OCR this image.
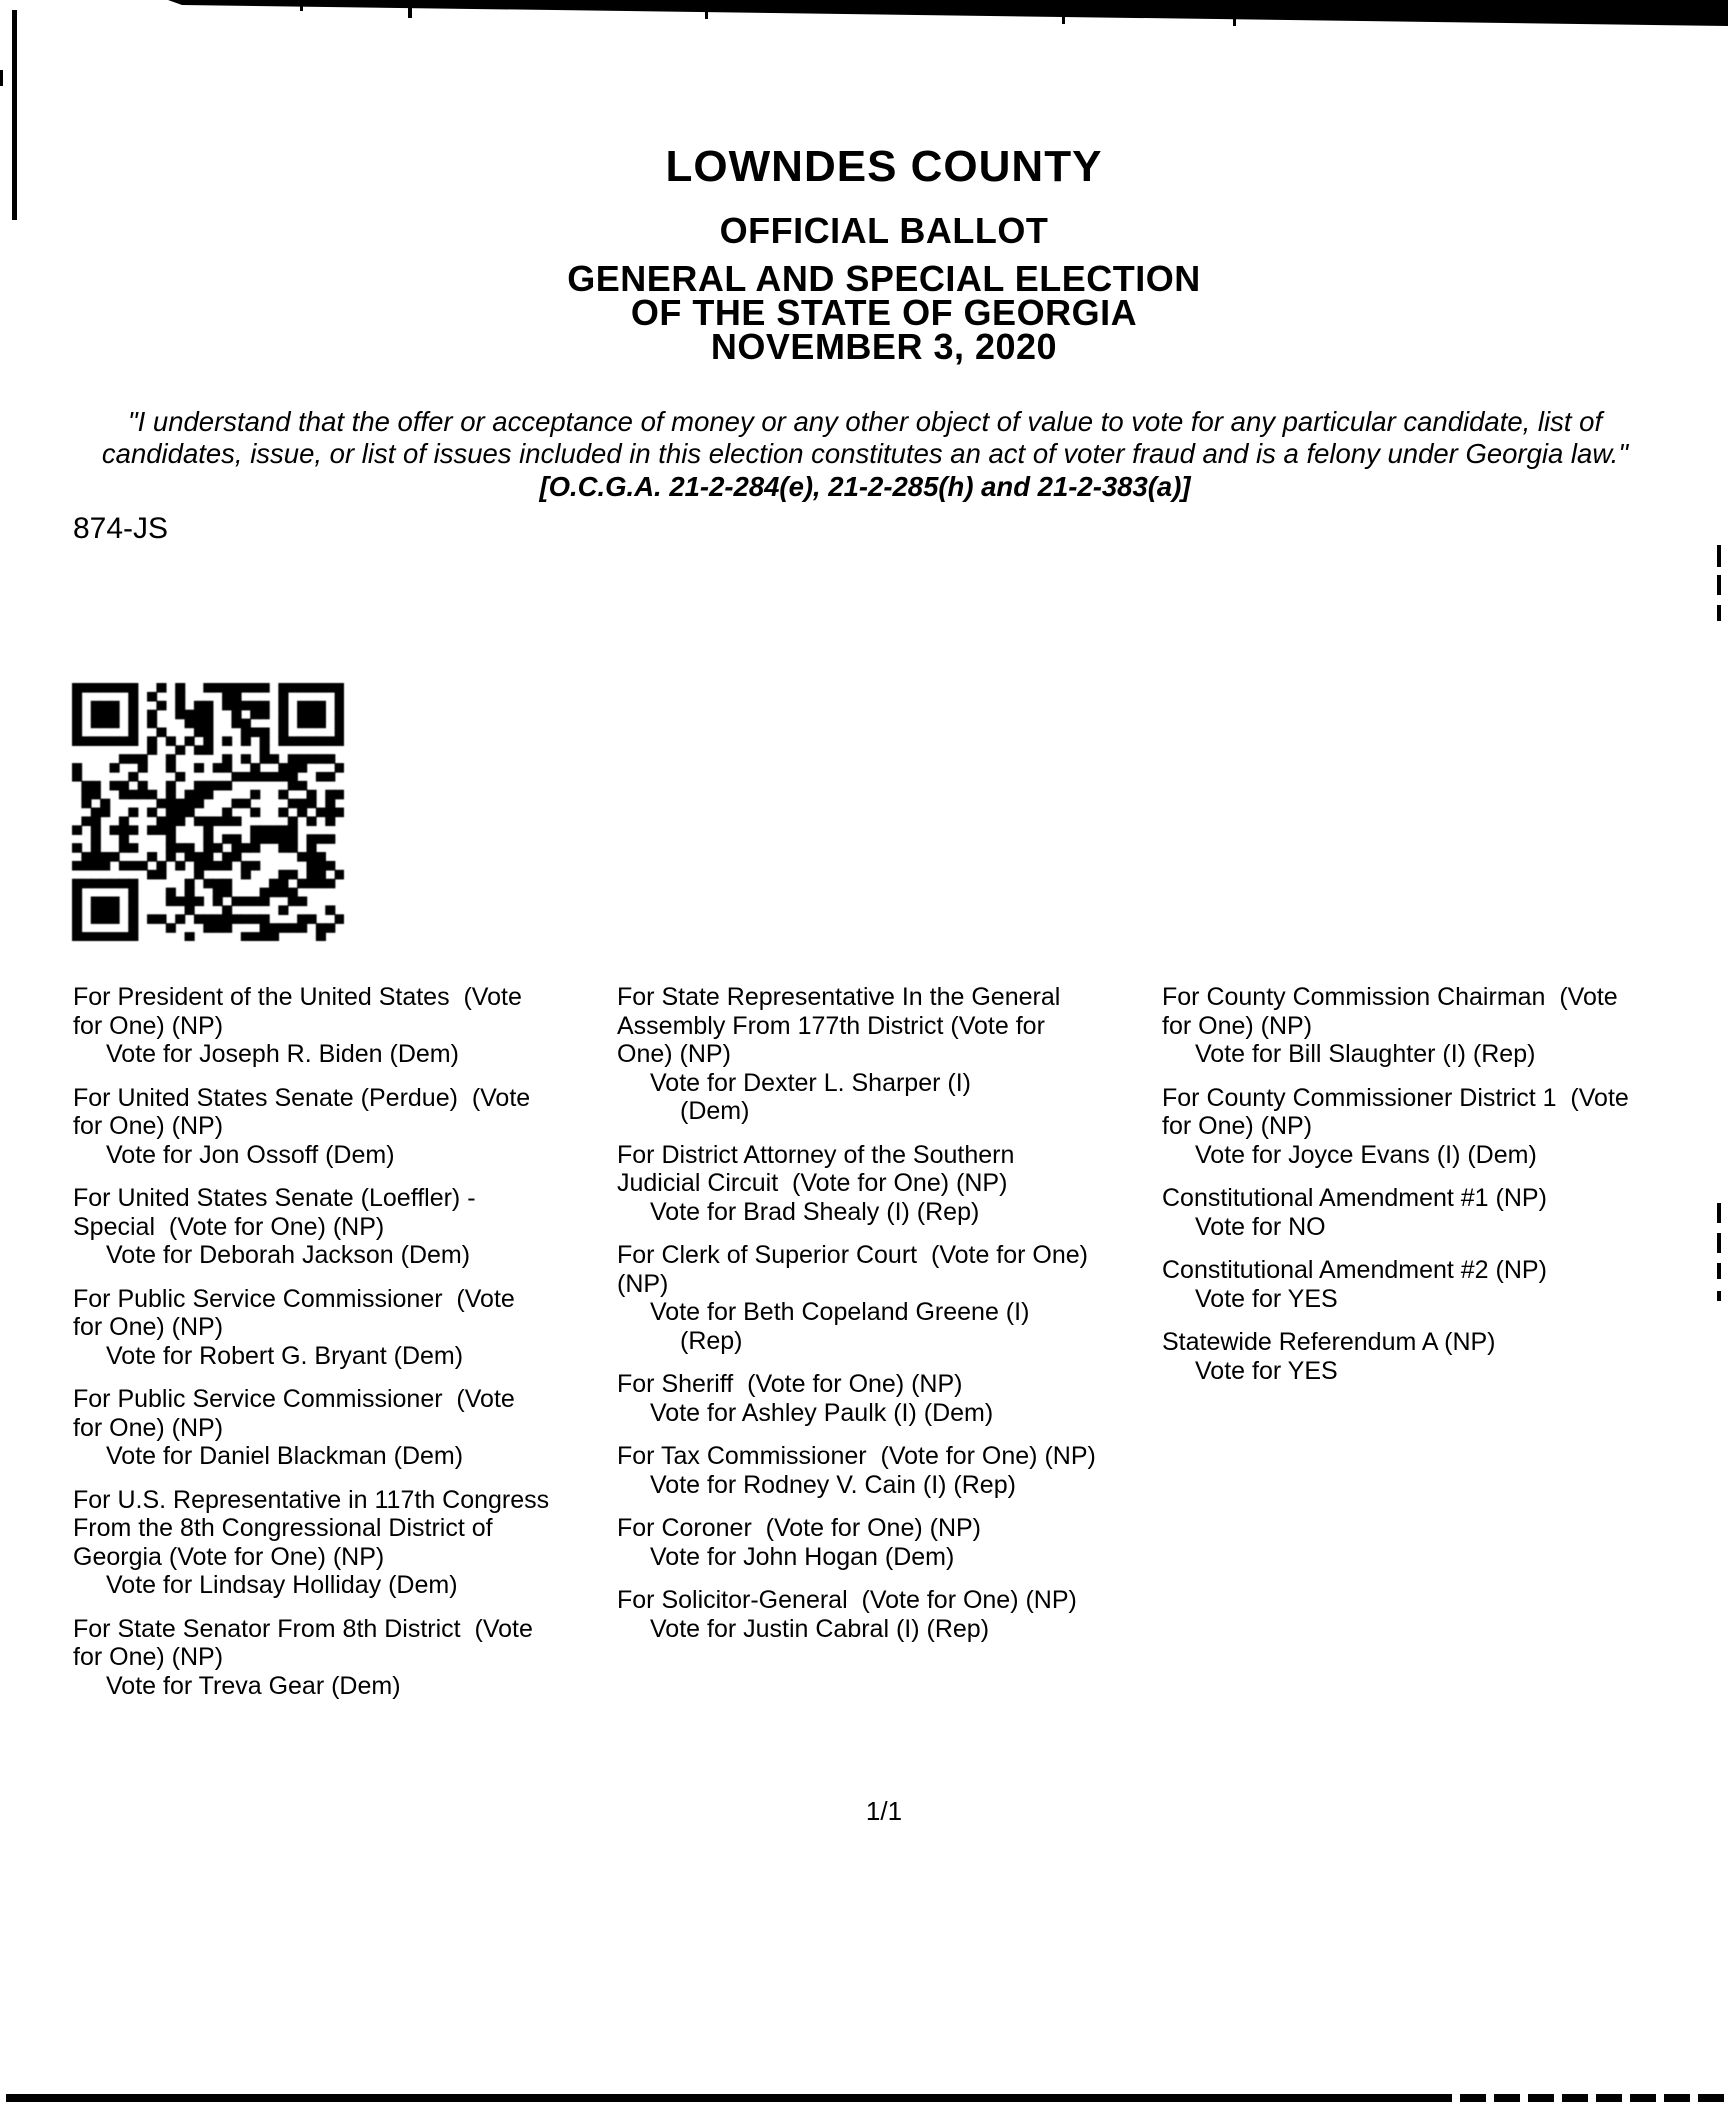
LOWNDES COUNTY
OFFICIAL BALLOT
GENERAL AND SPECIAL ELECTION
OF THE STATE OF GEORGIA
NOVEMBER 3, 2020

"I understand that the offer or acceptance of money or any other object of value to vote for any particular candidate, list of candidates, issue, or list of issues included in this election constitutes an act of voter fraud and is a felony under Georgia law." [O.C.G.A. 21-2-284(e), 21-2-285(h) and 21-2-383(a)]

874-JS
For President of the United States  (Vote
for One) (NP)
Vote for Joseph R. Biden (Dem)
For United States Senate (Perdue)  (Vote
for One) (NP)
Vote for Jon Ossoff (Dem)
For United States Senate (Loeffler) -
Special  (Vote for One) (NP)
Vote for Deborah Jackson (Dem)
For Public Service Commissioner  (Vote
for One) (NP)
Vote for Robert G. Bryant (Dem)
For Public Service Commissioner  (Vote
for One) (NP)
Vote for Daniel Blackman (Dem)
For U.S. Representative in 117th Congress
From the 8th Congressional District of
Georgia (Vote for One) (NP)
Vote for Lindsay Holliday (Dem)
For State Senator From 8th District  (Vote
for One) (NP)
Vote for Treva Gear (Dem)
For State Representative In the General
Assembly From 177th District (Vote for
One) (NP)
Vote for Dexter L. Sharper (I)
(Dem)
For District Attorney of the Southern
Judicial Circuit  (Vote for One) (NP)
Vote for Brad Shealy (I) (Rep)
For Clerk of Superior Court  (Vote for One)
(NP)
Vote for Beth Copeland Greene (I)
(Rep)
For Sheriff  (Vote for One) (NP)
Vote for Ashley Paulk (I) (Dem)
For Tax Commissioner  (Vote for One) (NP)
Vote for Rodney V. Cain (I) (Rep)
For Coroner  (Vote for One) (NP)
Vote for John Hogan (Dem)
For Solicitor-General  (Vote for One) (NP)
Vote for Justin Cabral (I) (Rep)
For County Commission Chairman  (Vote
for One) (NP)
Vote for Bill Slaughter (I) (Rep)
For County Commissioner District 1  (Vote
for One) (NP)
Vote for Joyce Evans (I) (Dem)
Constitutional Amendment #1 (NP)
Vote for NO
Constitutional Amendment #2 (NP)
Vote for YES
Statewide Referendum A (NP)
Vote for YES
1/1
